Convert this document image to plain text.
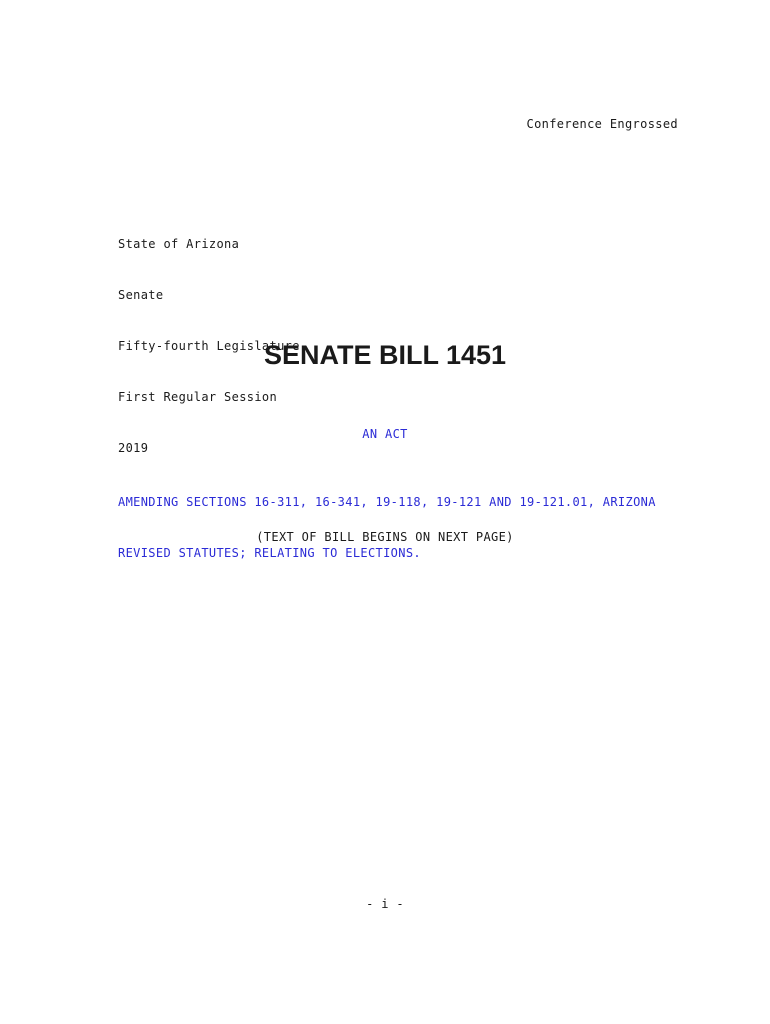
Conference Engrossed

State of Arizona

Senate

Fifty-fourth Legislature

First Regular Session

2019

SENATE BILL 1451
AN ACT

AMENDING SECTIONS 16-311, 16-341, 19-118, 19-121 AND 19-121.01, ARIZONA

REVISED STATUTES; RELATING TO ELECTIONS.

(TEXT OF BILL BEGINS ON NEXT PAGE)
- i -
